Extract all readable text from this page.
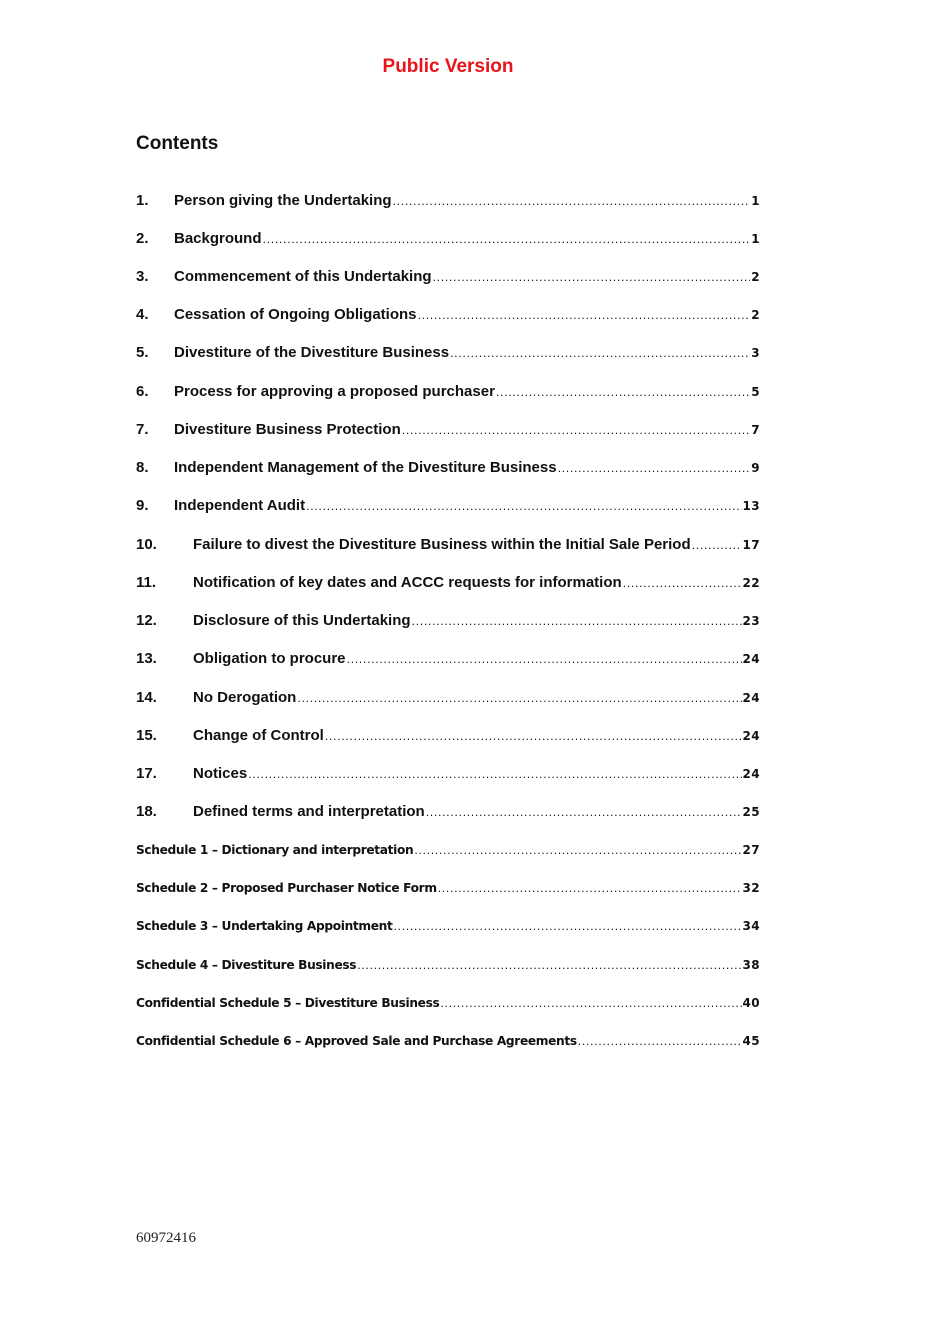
Public Version
Contents
1.	Person giving the Undertaking .....	1
2.	Background .....	1
3.	Commencement of this Undertaking .....	2
4.	Cessation of Ongoing Obligations .....	2
5.	Divestiture of the Divestiture Business .....	3
6.	Process for approving a proposed purchaser .....	5
7.	Divestiture Business Protection .....	7
8.	Independent Management of the Divestiture Business .....	9
9.	Independent Audit .....	13
10.	Failure to divest the Divestiture Business within the Initial Sale Period .....	17
11.	Notification of key dates and ACCC requests for information .....	22
12.	Disclosure of this Undertaking .....	23
13.	Obligation to procure .....	24
14.	No Derogation .....	24
15.	Change of Control .....	24
17.	Notices .....	24
18.	Defined terms and interpretation .....	25
Schedule 1 – Dictionary and interpretation .....	27
Schedule 2 – Proposed Purchaser Notice Form .....	32
Schedule 3 – Undertaking Appointment .....	34
Schedule 4 – Divestiture Business .....	38
Confidential Schedule 5 – Divestiture Business .....	40
Confidential Schedule 6 – Approved Sale and Purchase Agreements .....	45
60972416
